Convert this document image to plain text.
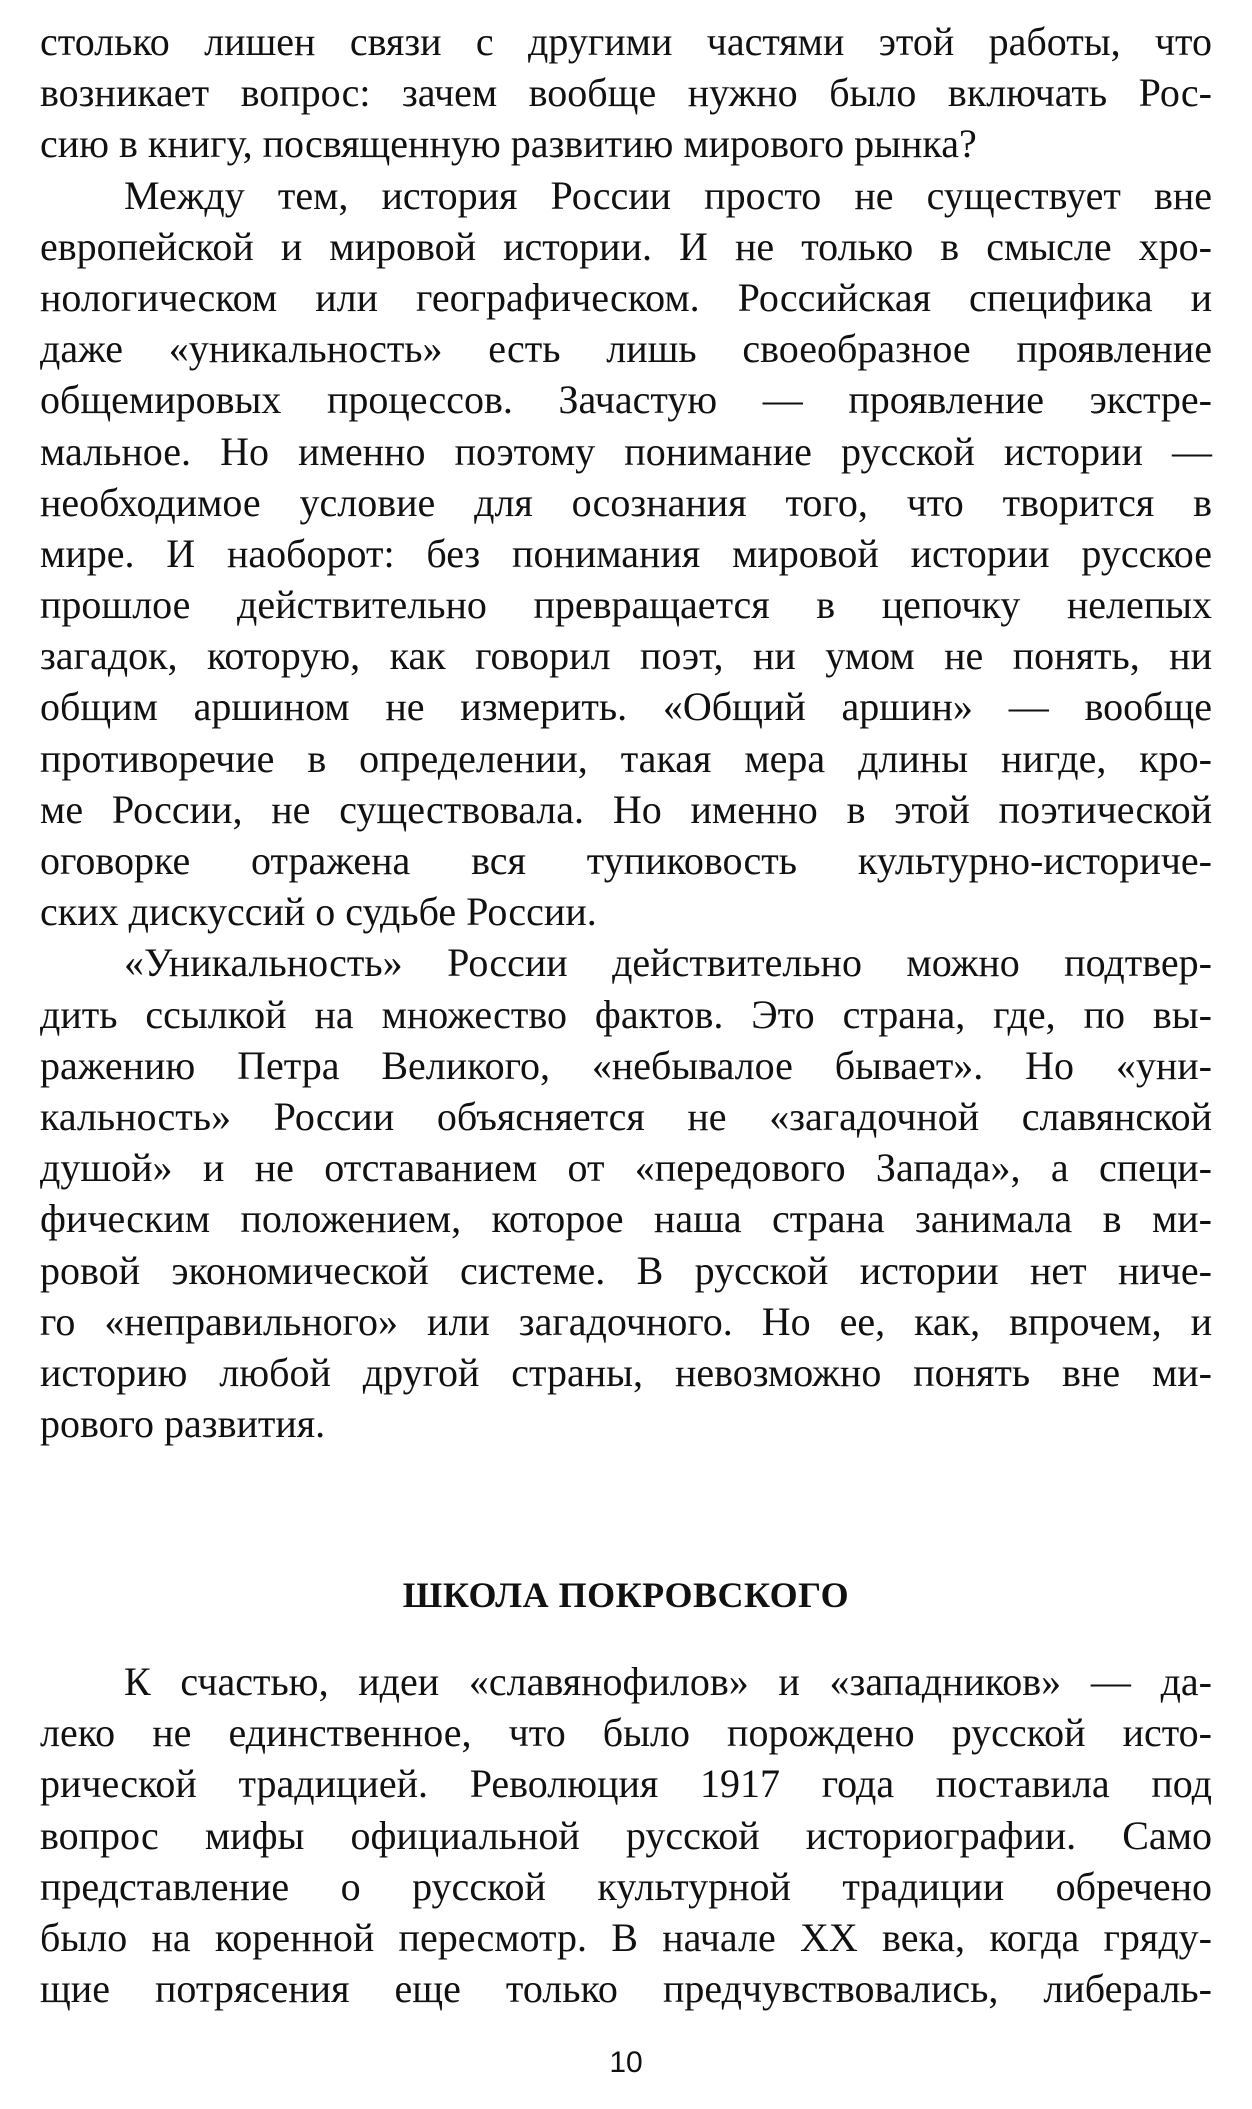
столько лишен связи с другими частями этой работы, что
возникает вопрос: зачем вообще нужно было включать Рос-
сию в книгу, посвященную развитию мирового рынка?

Между тем, история России просто не существует вне
европейской и мировой истории. И не только в смысле хро-
нологическом или географическом. Российская специфика и
даже «уникальность» есть лишь своеобразное проявление
общемировых процессов. Зачастую — проявление экстре-
мальное. Но именно поэтому понимание русской истории —
необходимое условие для осознания того, что творится в
мире. И наоборот: без понимания мировой истории русское
прошлое действительно превращается в цепочку нелепых
загадок, которую, как говорил поэт, ни умом не понять, ни
общим аршином не измерить. «Общий аршин» — вообще
противоречие в определении, такая мера длины нигде, кро-
ме России, не существовала. Но именно в этой поэтической
оговорке отражена вся тупиковость культурно-историче-
ских дискуссий о судьбе России.

«Уникальность» России действительно можно подтвер-
дить ссылкой на множество фактов. Это страна, где, по вы-
ражению Петра Великого, «небывалое бывает». Но «уни-
кальность» России объясняется не «загадочной славянской
душой» и не отставанием от «передового Запада», а специ-
фическим положением, которое наша страна занимала в ми-
ровой экономической системе. В русской истории нет ниче-
го «неправильного» или загадочного. Но ее, как, впрочем, и
историю любой другой страны, невозможно понять вне ми-
рового развития.

ШКОЛА ПОКРОВСКОГО

К счастью, идеи «славянофилов» и «западников» — да-
леко не единственное, что было порождено русской исто-
рической традицией. Революция 1917 года поставила под
вопрос мифы официальной русской историографии. Само
представление о русской культурной традиции обречено
было на коренной пересмотр. В начале XX века, когда гряду-
щие потрясения еще только предчувствовались, либераль-

10
